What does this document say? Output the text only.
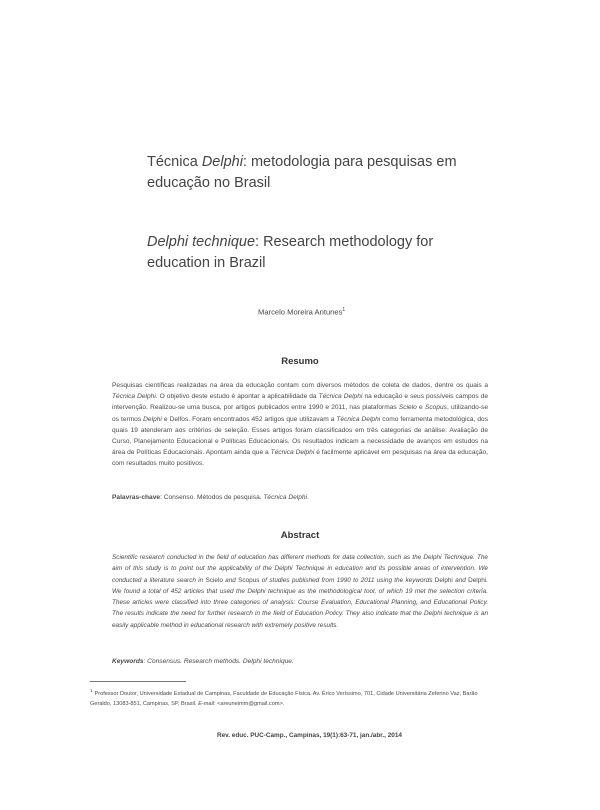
Técnica Delphi: metodologia para pesquisas em educação no Brasil
Delphi technique: Research methodology for education in Brazil
Marcelo Moreira Antunes$^1$
Resumo
Pesquisas científicas realizadas na área da educação contam com diversos métodos de coleta de dados, dentre os quais a Técnica Delphi. O objetivo deste estudo é apontar a aplicabilidade da Técnica Delphi na educação e seus possíveis campos de intervenção. Realizou-se uma busca, por artigos publicados entre 1990 e 2011, nas plataformas Scielo e Scopus, utilizando-se os termos Delphi e Delfos. Foram encontrados 452 artigos que utilizavam a Técnica Delphi como ferramenta metodológica, dos quais 19 atenderam aos critérios de seleção. Esses artigos foram classificados em três categorias de análise: Avaliação de Curso, Planejamento Educacional e Políticas Educacionais. Os resultados indicam a necessidade de avanços em estudos na área de Políticas Educacionais. Apontam ainda que a Técnica Delphi é facilmente aplicável em pesquisas na área da educação, com resultados muito positivos.
Palavras-chave: Consenso. Métodos de pesquisa. Técnica Delphi.
Abstract
Scientific research conducted in the field of education has different methods for data collection, such as the Delphi Technique. The aim of this study is to point out the applicability of the Delphi Technique in education and its possible areas of intervention. We conducted a literature search in Scielo and Scopus of studies published from 1990 to 2011 using the keywords Delphi and Delphi. We found a total of 452 articles that used the Delphi technique as the methodological tool, of which 19 met the selection criteria. These articles were classified into three categories of analysis: Course Evaluation, Educational Planning, and Educational Policy. The results indicate the need for further research in the field of Education Policy. They also indicate that the Delphi technique is an easily applicable method in educational research with extremely positive results.
Keywords: Consensus. Research methods. Delphi technique.
$^1$Professor Doutor, Universidade Estadual de Campinas, Faculdade de Educação Física. Av. Érico Veríssimo, 701, Cidade Universitária Zeferino Vaz, Barão Geraldo, 13083-851, Campinas, SP, Brasil. E-mail: <areuneimm@gmail.com>.
Rev. educ. PUC-Camp., Campinas, 19(1):63-71, jan./abr., 2014
